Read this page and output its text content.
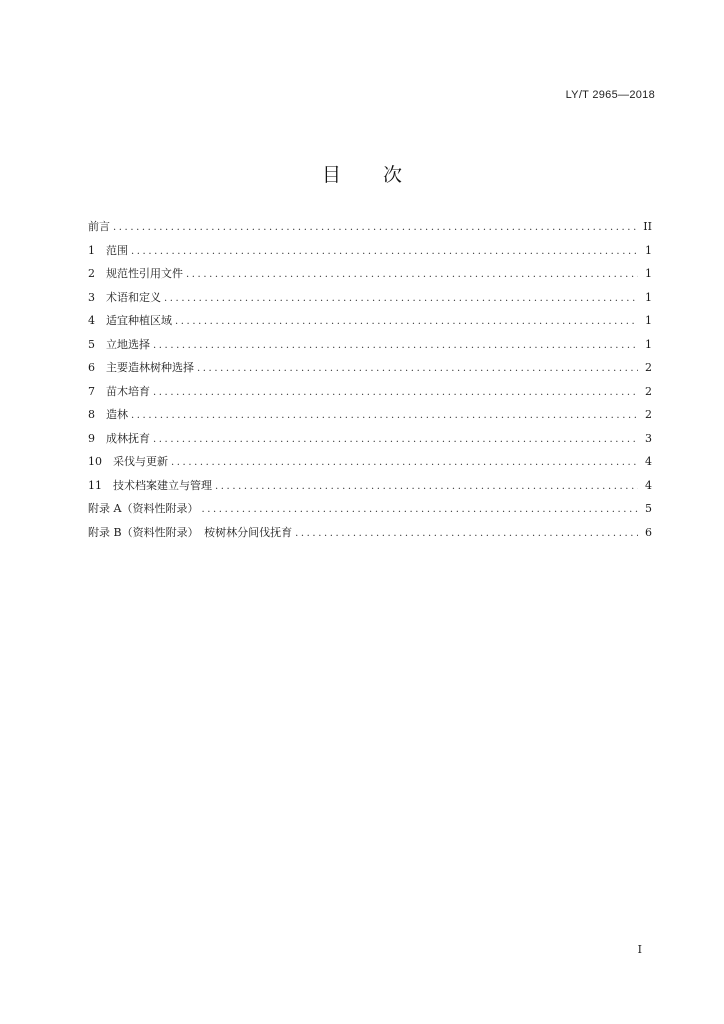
LY/T 2965—2018
目 次
前言 .....	II
1　范围 .....	1
2　规范性引用文件 .....	1
3　术语和定义 .....	1
4　适宜种植区域 .....	1
5　立地选择 .....	1
6　主要造林树种选择 .....	2
7　苗木培育 .....	2
8　造林 .....	2
9　成林抚育 .....	3
10　采伐与更新 .....	4
11　技术档案建立与管理 .....	4
附录 A（资料性附录） .....	5
附录 B（资料性附录）　桉树林分间伐抚育 .....	6
I
